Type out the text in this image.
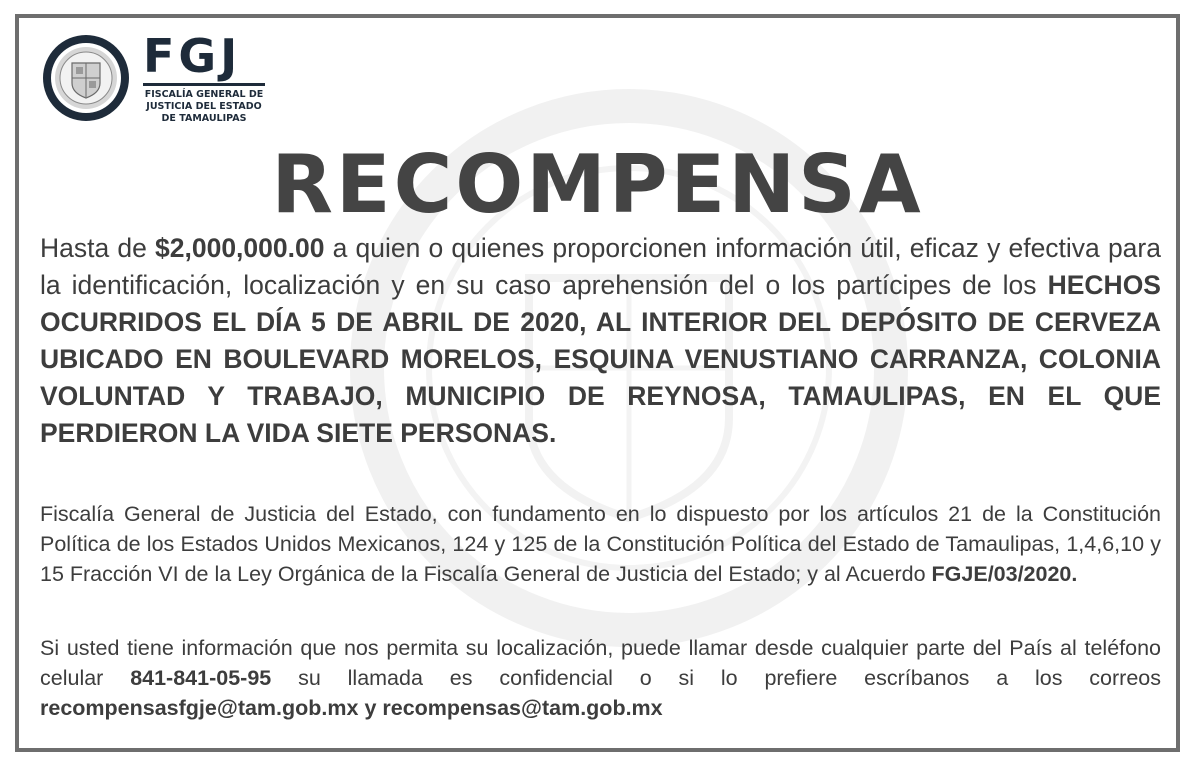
FGJ
FISCALÍA GENERAL DE
JUSTICIA DEL ESTADO
DE TAMAULIPAS
RECOMPENSA

Hasta de $2,000,000.00 a quien o quienes proporcionen información útil, eficaz y efectiva para la identificación, localización y en su caso aprehensión del o los partícipes de los HECHOS OCURRIDOS EL DÍA 5 DE ABRIL DE 2020, AL INTERIOR DEL DEPÓSITO DE CERVEZA UBICADO EN BOULEVARD MORELOS, ESQUINA VENUSTIANO CARRANZA, COLONIA VOLUNTAD Y TRABAJO, MUNICIPIO DE REYNOSA, TAMAULIPAS, EN EL QUE PERDIERON LA VIDA SIETE PERSONAS.

Fiscalía General de Justicia del Estado, con fundamento en lo dispuesto por los artículos 21 de la Constitución Política de los Estados Unidos Mexicanos, 124 y 125 de la Constitución Política del Estado de Tamaulipas, 1,4,6,10 y 15 Fracción VI de la Ley Orgánica de la Fiscalía General de Justicia del Estado; y al Acuerdo FGJE/03/2020.

Si usted tiene información que nos permita su localización, puede llamar desde cualquier parte del País al teléfono celular 841-841-05-95 su llamada es confidencial o si lo prefiere escríbanos a los correos recompensasfgje@tam.gob.mx y recompensas@tam.gob.mx
